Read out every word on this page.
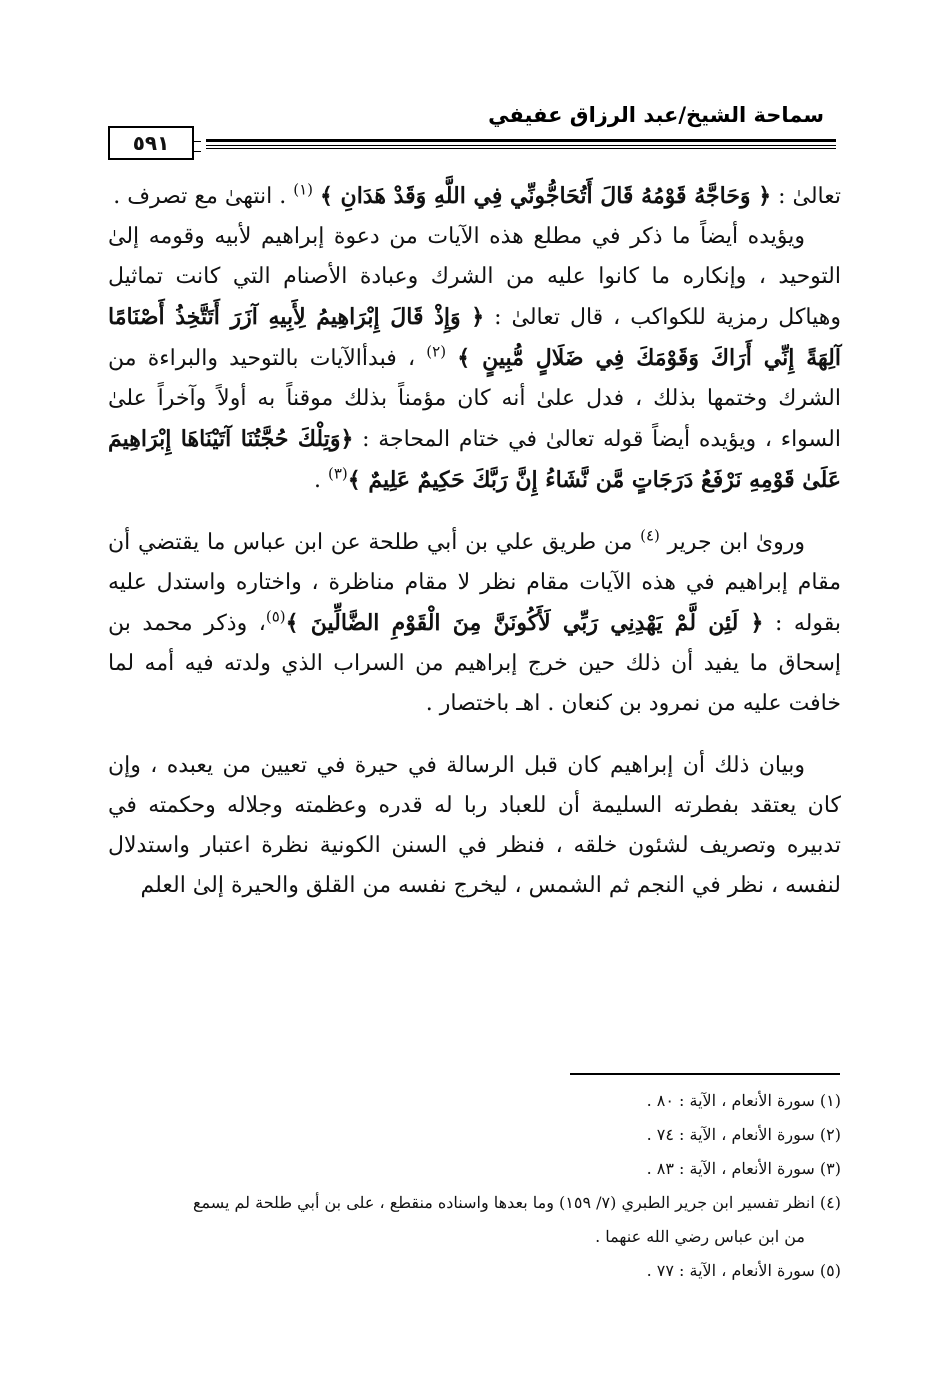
سماحة الشيخ/عبد الرزاق عفيفي
٥٩١

تعالىٰ : ﴿ وَحَاجَّهُ قَوْمُهُ قَالَ أَتُحَاجُّونِّي فِي اللَّهِ وَقَدْ هَدَانِ ﴾ $^{(١)}$ . انتهىٰ مع تصرف .

ويؤيده أيضاً ما ذكر في مطلع هذه الآيات من دعوة إبراهيم لأبيه وقومه إلىٰ التوحيد ، وإنكاره ما كانوا عليه من الشرك وعبادة الأصنام التي كانت تماثيل وهياكل رمزية للكواكب ، قال تعالىٰ : ﴿ وَإِذْ قَالَ إِبْرَاهِيمُ لِأَبِيهِ آزَرَ أَتَتَّخِذُ أَصْنَامًا آلِهَةً إِنِّي أَرَاكَ وَقَوْمَكَ فِي ضَلَالٍ مُّبِينٍ ﴾ $^{(٢)}$ ، فبدأالآيات بالتوحيد والبراءة من الشرك وختمها بذلك ، فدل علىٰ أنه كان مؤمناً بذلك موقناً به أولاً وآخراً علىٰ السواء ، ويؤيده أيضاً قوله تعالىٰ في ختام المحاجة : ﴿وَتِلْكَ حُجَّتُنَا آتَيْنَاهَا إِبْرَاهِيمَ عَلَىٰ قَوْمِهِ نَرْفَعُ دَرَجَاتٍ مَّن نَّشَاءُ إِنَّ رَبَّكَ حَكِيمٌ عَلِيمٌ ﴾$^{(٣)}$ .

وروىٰ ابن جرير $^{(٤)}$ من طريق علي بن أبي طلحة عن ابن عباس ما يقتضي أن مقام إبراهيم في هذه الآيات مقام نظر لا مقام مناظرة ، واختاره واستدل عليه بقوله : ﴿ لَئِن لَّمْ يَهْدِنِي رَبِّي لَأَكُونَنَّ مِنَ الْقَوْمِ الضَّالِّينَ ﴾$^{(٥)}$، وذكر محمد بن إسحاق ما يفيد أن ذلك حين خرج إبراهيم من السراب الذي ولدته فيه أمه لما خافت عليه من نمرود بن كنعان . اهـ باختصار .

وبيان ذلك أن إبراهيم كان قبل الرسالة في حيرة في تعيين من يعبده ، وإن كان يعتقد بفطرته السليمة أن للعباد ربا له قدره وعظمته وجلاله وحكمته في تدبيره وتصريف لشئون خلقه ، فنظر في السنن الكونية نظرة اعتبار واستدلال لنفسه ، نظر في النجم ثم الشمس ، ليخرج نفسه من القلق والحيرة إلىٰ العلم

(١) سورة الأنعام ، الآية : ٨٠ .

(٢) سورة الأنعام ، الآية : ٧٤ .

(٣) سورة الأنعام ، الآية : ٨٣ .

(٤) انظر تفسير ابن جرير الطبري (٧/ ١٥٩) وما بعدها واسناده منقطع ، على بن أبي طلحة لم يسمع

من ابن عباس رضي الله عنهما .

(٥) سورة الأنعام ، الآية : ٧٧ .
